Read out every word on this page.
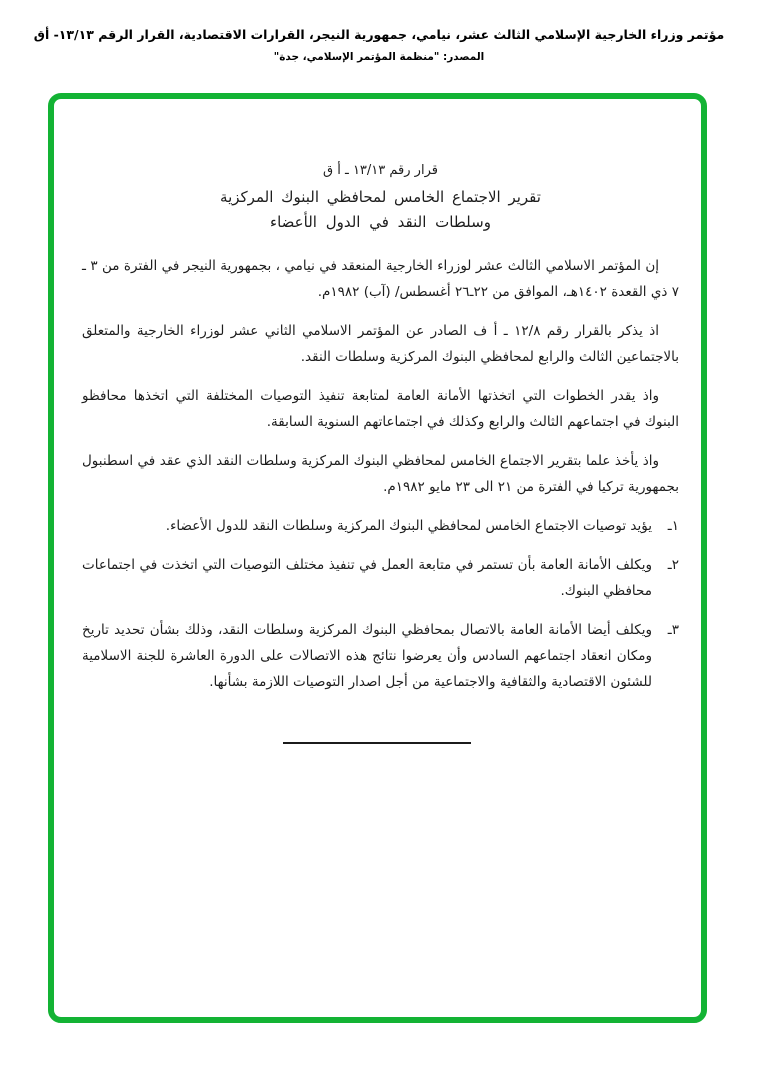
مؤتمر وزراء الخارجية الإسلامي الثالث عشر، نيامي، جمهورية النيجر، القرارات الاقتصادية، القرار الرقم ١٣/١٣- أق
المصدر: "منظمة المؤتمر الإسلامي، جدة"
قرار رقم ١٣/١٣ ـ أ ق
تقرير الاجتماع الخامس لمحافظي البنوك المركزية
وسلطات النقد في الدول الأعضاء

إن المؤتمر الاسلامي الثالث عشر لوزراء الخارجية المنعقد في نيامي ، بجمهورية النيجر في الفترة من ٣ ـ ٧ ذي القعدة ١٤٠٢هـ، الموافق من ٢٢ـ٢٦ أغسطس/ (آب) ١٩٨٢م.

اذ يذكر بالقرار رقم ١٢/٨ ـ أ ف الصادر عن المؤتمر الاسلامي الثاني عشر لوزراء الخارجية والمتعلق بالاجتماعين الثالث والرابع لمحافظي البنوك المركزية وسلطات النقد.

واذ يقدر الخطوات التي اتخذتها الأمانة العامة لمتابعة تنفيذ التوصيات المختلفة التي اتخذها محافظو البنوك في اجتماعهم الثالث والرابع وكذلك في اجتماعاتهم السنوية السابقة.

واذ يأخذ علما بتقرير الاجتماع الخامس لمحافظي البنوك المركزية وسلطات النقد الذي عقد في اسطنبول بجمهورية تركيا في الفترة من ٢١ الى ٢٣ مايو ١٩٨٢م.

١ـ
يؤيد توصيات الاجتماع الخامس لمحافظي البنوك المركزية وسلطات النقد للدول الأعضاء.
٢ـ
ويكلف الأمانة العامة بأن تستمر في متابعة العمل في تنفيذ مختلف التوصيات التي اتخذت في اجتماعات محافظي البنوك.
٣ـ
ويكلف أيضا الأمانة العامة بالاتصال بمحافظي البنوك المركزية وسلطات النقد، وذلك بشأن تحديد تاريخ ومكان انعقاد اجتماعهم السادس وأن يعرضوا نتائج هذه الاتصالات على الدورة العاشرة للجنة الاسلامية للشئون الاقتصادية والثقافية والاجتماعية من أجل اصدار التوصيات اللازمة بشأنها.
